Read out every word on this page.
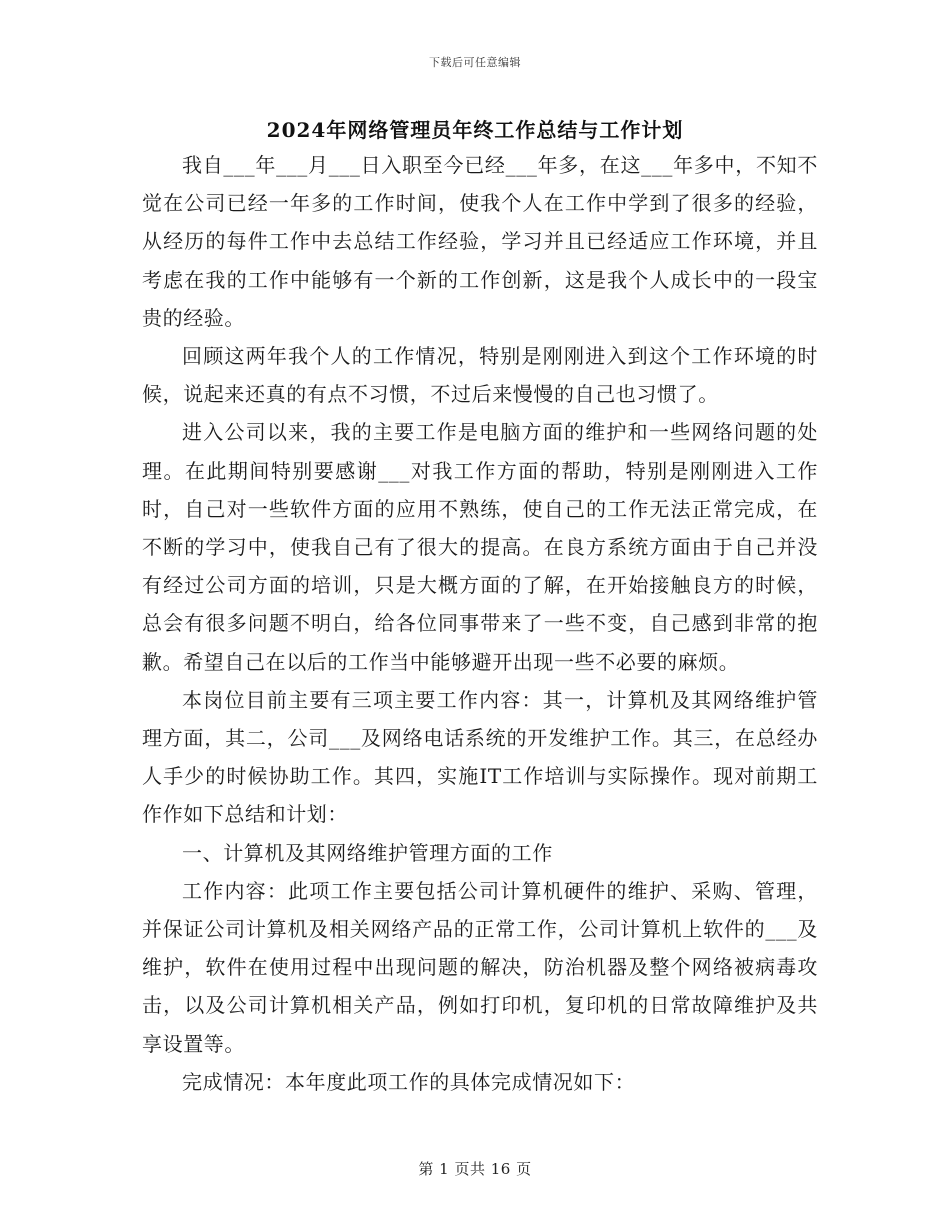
下载后可任意编辑
2024年网络管理员年终工作总结与工作计划

我自___年___月___日入职至今已经___年多，在这___年多中，不知不觉在公司已经一年多的工作时间，使我个人在工作中学到了很多的经验，从经历的每件工作中去总结工作经验，学习并且已经适应工作环境，并且考虑在我的工作中能够有一个新的工作创新，这是我个人成长中的一段宝贵的经验。

回顾这两年我个人的工作情况，特别是刚刚进入到这个工作环境的时候，说起来还真的有点不习惯，不过后来慢慢的自己也习惯了。

进入公司以来，我的主要工作是电脑方面的维护和一些网络问题的处理。在此期间特别要感谢___对我工作方面的帮助，特别是刚刚进入工作时，自己对一些软件方面的应用不熟练，使自己的工作无法正常完成，在不断的学习中，使我自己有了很大的提高。在良方系统方面由于自己并没有经过公司方面的培训，只是大概方面的了解，在开始接触良方的时候，总会有很多问题不明白，给各位同事带来了一些不变，自己感到非常的抱歉。希望自己在以后的工作当中能够避开出现一些不必要的麻烦。

本岗位目前主要有三项主要工作内容：其一，计算机及其网络维护管理方面，其二，公司___及网络电话系统的开发维护工作。其三，在总经办人手少的时候协助工作。其四，实施IT工作培训与实际操作。现对前期工作作如下总结和计划：

一、计算机及其网络维护管理方面的工作

工作内容：此项工作主要包括公司计算机硬件的维护、采购、管理，并保证公司计算机及相关网络产品的正常工作，公司计算机上软件的___及维护，软件在使用过程中出现问题的解决，防治机器及整个网络被病毒攻击，以及公司计算机相关产品，例如打印机，复印机的日常故障维护及共享设置等。

完成情况：本年度此项工作的具体完成情况如下：

第 1 页共 16 页
